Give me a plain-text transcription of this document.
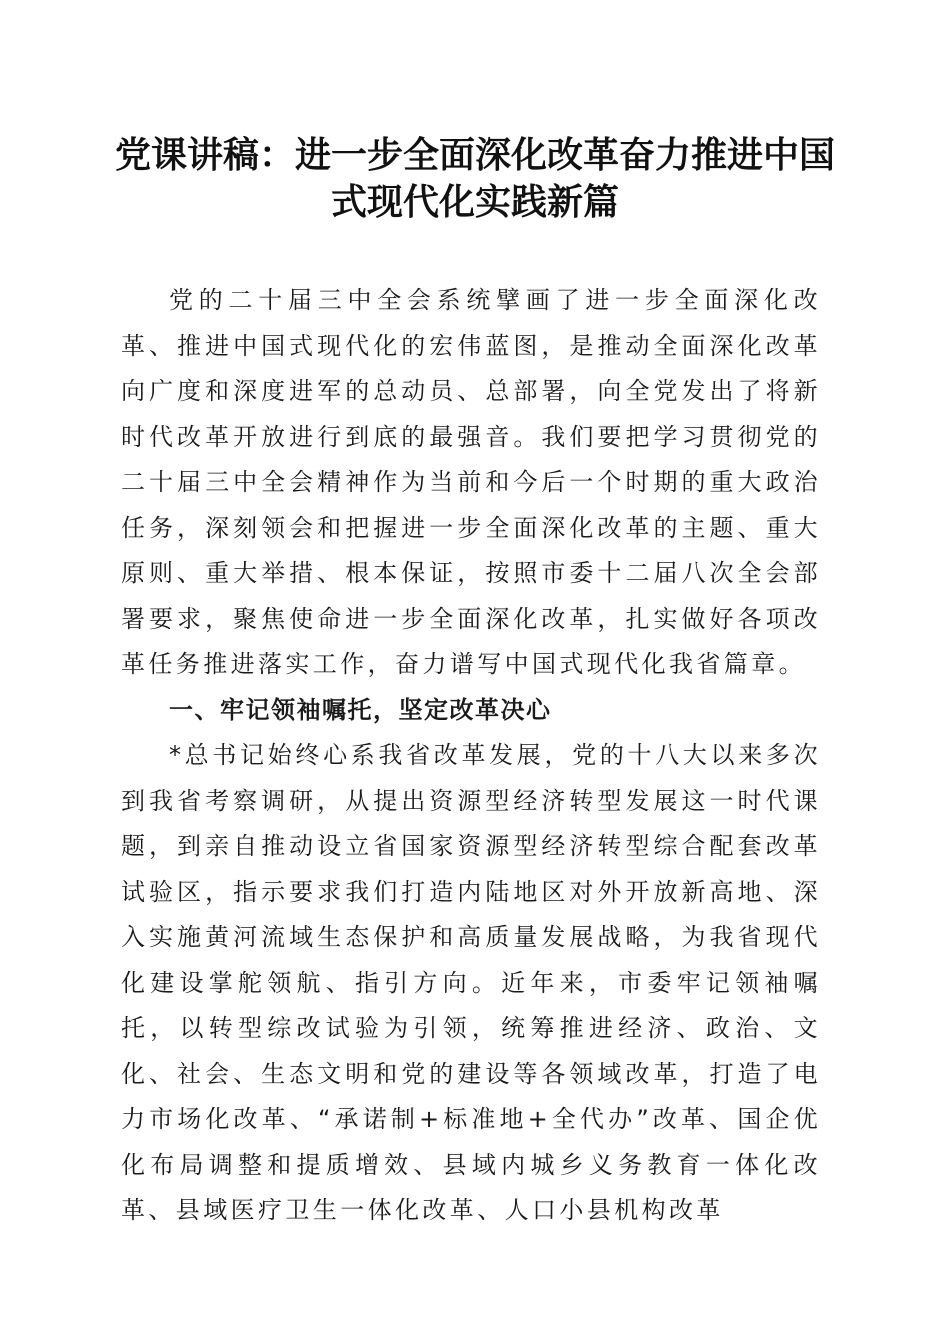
党课讲稿：进一步全面深化改革奋力推进中国式现代化实践新篇

党的二十届三中全会系统擘画了进一步全面深化改革、推进中国式现代化的宏伟蓝图，是推动全面深化改革向广度和深度进军的总动员、总部署，向全党发出了将新时代改革开放进行到底的最强音。我们要把学习贯彻党的二十届三中全会精神作为当前和今后一个时期的重大政治任务，深刻领会和把握进一步全面深化改革的主题、重大原则、重大举措、根本保证，按照市委十二届八次全会部署要求，聚焦使命进一步全面深化改革，扎实做好各项改革任务推进落实工作，奋力谱写中国式现代化我省篇章。

一、牢记领袖嘱托，坚定改革决心

*总书记始终心系我省改革发展，党的十八大以来多次到我省考察调研，从提出资源型经济转型发展这一时代课题，到亲自推动设立省国家资源型经济转型综合配套改革试验区，指示要求我们打造内陆地区对外开放新高地、深入实施黄河流域生态保护和高质量发展战略，为我省现代化建设掌舵领航、指引方向。近年来，市委牢记领袖嘱托，以转型综改试验为引领，统筹推进经济、政治、文化、社会、生态文明和党的建设等各领域改革，打造了电力市场化改革、“承诺制+标准地+全代办”改革、国企优化布局调整和提质增效、县域内城乡义务教育一体化改革、县域医疗卫生一体化改革、人口小县机构改革
